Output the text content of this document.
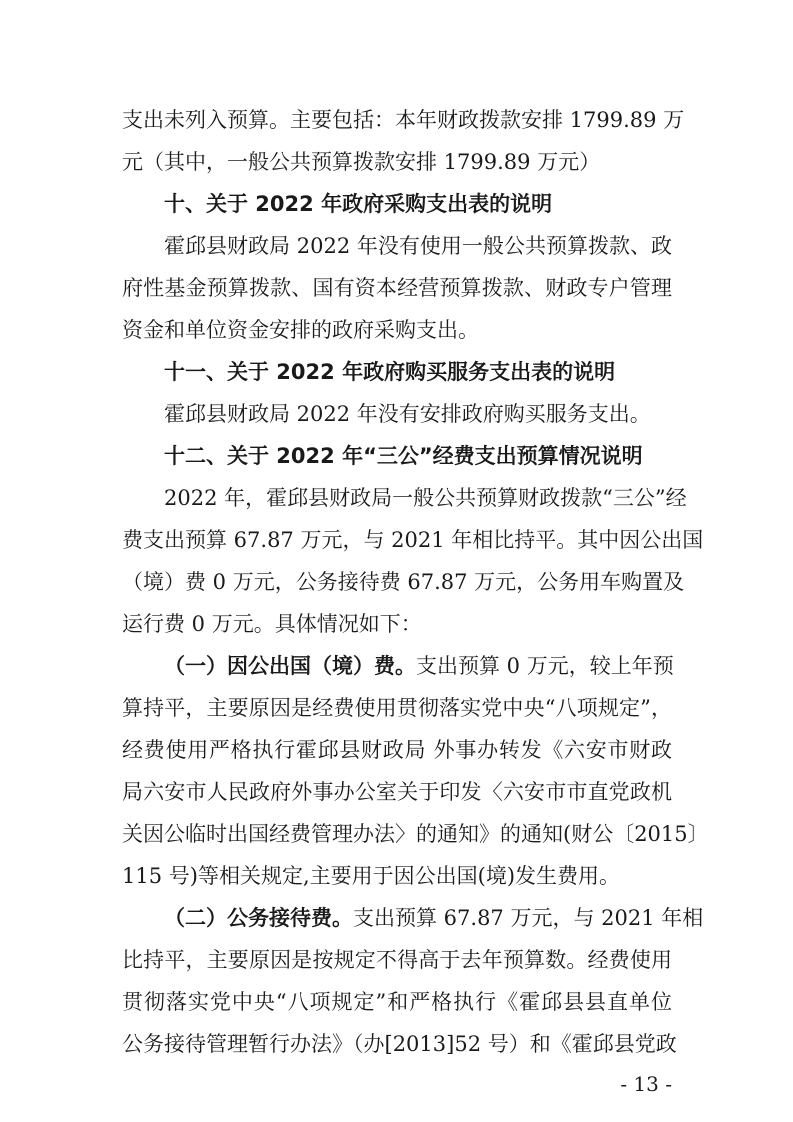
支出未列入预算。主要包括：本年财政拨款安排 1799.89 万
元（其中，一般公共预算拨款安排 1799.89 万元）
十、关于 2022 年政府采购支出表的说明
霍邱县财政局 2022 年没有使用一般公共预算拨款、政
府性基金预算拨款、国有资本经营预算拨款、财政专户管理
资金和单位资金安排的政府采购支出。
十一、关于 2022 年政府购买服务支出表的说明
霍邱县财政局 2022 年没有安排政府购买服务支出。
十二、关于 2022 年“三公”经费支出预算情况说明
2022 年，霍邱县财政局一般公共预算财政拨款“三公”经
费支出预算 67.87 万元，与 2021 年相比持平。其中因公出国
（境）费 0 万元，公务接待费 67.87 万元，公务用车购置及
运行费 0 万元。具体情况如下：
（一）因公出国（境）费。支出预算 0 万元，较上年预
算持平，主要原因是经费使用贯彻落实党中央“八项规定”，
经费使用严格执行霍邱县财政局 外事办转发《六安市财政
局六安市人民政府外事办公室关于印发〈六安市市直党政机
关因公临时出国经费管理办法〉的通知》的通知(财公〔2015〕
115 号)等相关规定,主要用于因公出国(境)发生费用。
（二）公务接待费。支出预算 67.87 万元，与 2021 年相
比持平，主要原因是按规定不得高于去年预算数。经费使用
贯彻落实党中央“八项规定”和严格执行《霍邱县县直单位
公务接待管理暂行办法》（办[2013]52 号）和《霍邱县党政
- 13 -
